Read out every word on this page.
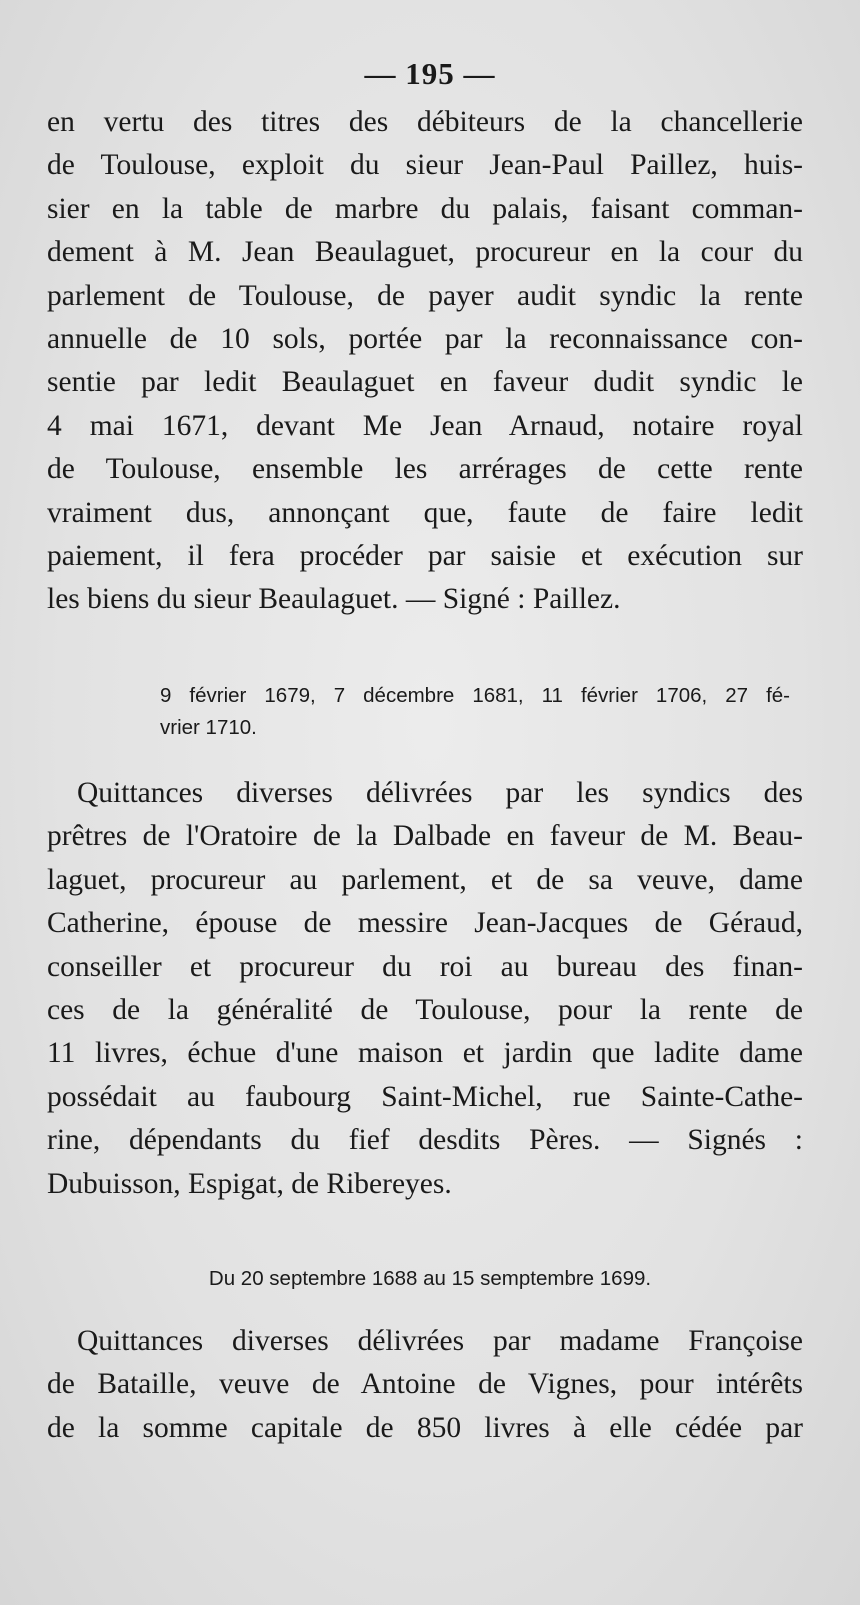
— 195 —
en vertu des titres des débiteurs de la chancellerie
de Toulouse, exploit du sieur Jean-Paul Paillez, huis-
sier en la table de marbre du palais, faisant comman-
dement à M. Jean Beaulaguet, procureur en la cour du
parlement de Toulouse, de payer audit syndic la rente
annuelle de 10 sols, portée par la reconnaissance con-
sentie par ledit Beaulaguet en faveur dudit syndic le
4 mai 1671, devant Me Jean Arnaud, notaire royal
de Toulouse, ensemble les arrérages de cette rente
vraiment dus, annonçant que, faute de faire ledit
paiement, il fera procéder par saisie et exécution sur
les biens du sieur Beaulaguet. — Signé : Paillez.
9 février 1679, 7 décembre 1681, 11 février 1706, 27 fé-
vrier 1710.
Quittances diverses délivrées par les syndics des
prêtres de l'Oratoire de la Dalbade en faveur de M. Beau-
laguet, procureur au parlement, et de sa veuve, dame
Catherine, épouse de messire Jean-Jacques de Géraud,
conseiller et procureur du roi au bureau des finan-
ces de la généralité de Toulouse, pour la rente de
11 livres, échue d'une maison et jardin que ladite dame
possédait au faubourg Saint-Michel, rue Sainte-Cathe-
rine, dépendants du fief desdits Pères. — Signés :
Dubuisson, Espigat, de Ribereyes.
Du 20 septembre 1688 au 15 semptembre 1699.
Quittances diverses délivrées par madame Françoise
de Bataille, veuve de Antoine de Vignes, pour intérêts
de la somme capitale de 850 livres à elle cédée par
